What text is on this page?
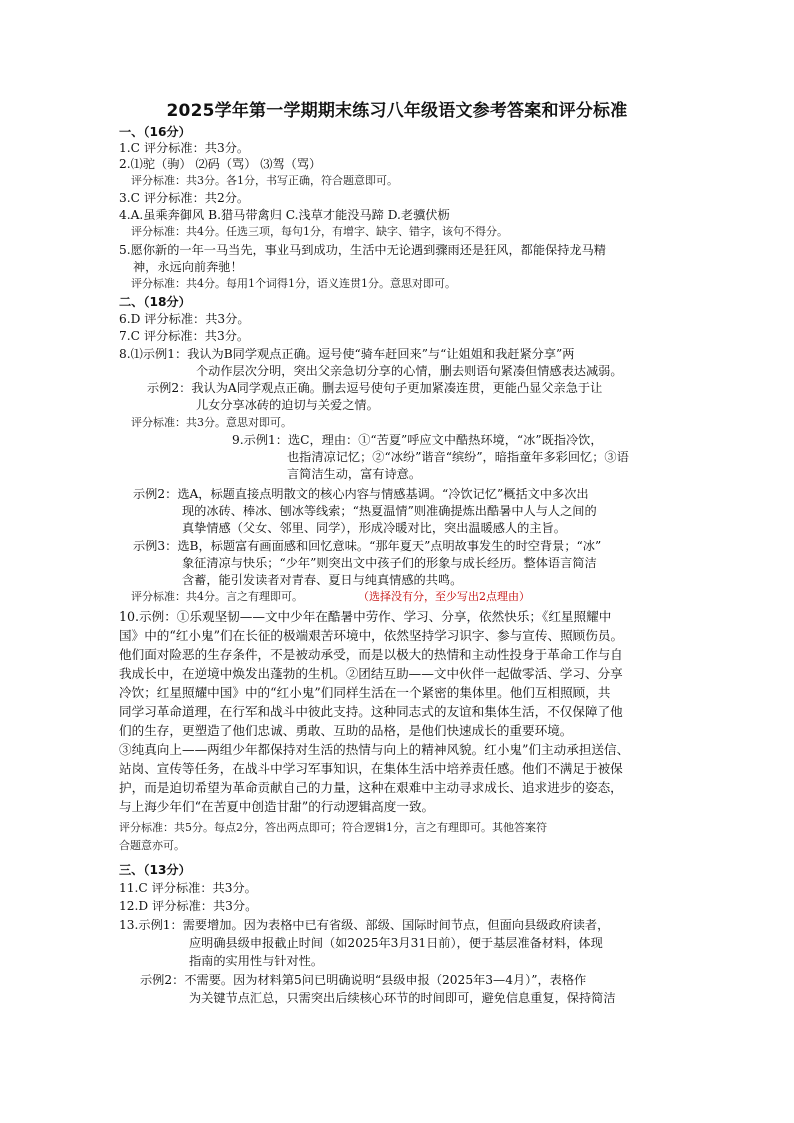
2025学年第一学期期末练习八年级语文参考答案和评分标准
一、（16分）
1.C 评分标准：共3分。
2.⑴驼（驹） ⑵码（骂） ⑶驾（骂）
评分标准：共3分。各1分，书写正确，符合题意即可。
3.C 评分标准：共2分。
4.A.虽乘奔御风 B.猎马带禽归 C.浅草才能没马蹄 D.老骥伏枥
评分标准：共4分。任选三项，每句1分，有增字、缺字、错字，该句不得分。
5.愿你新的一年一马当先，事业马到成功，生活中无论遇到骤雨还是狂风，都能保持龙马精
神，永远向前奔驰！
评分标准：共4分。每用1个词得1分，语义连贯1分。意思对即可。
二、（18分）
6.D 评分标准：共3分。
7.C 评分标准：共3分。
8.⑴示例1：我认为B同学观点正确。逗号使“骑车赶回来”与“让姐姐和我赶紧分享”两
个动作层次分明，突出父亲急切分享的心情，删去则语句紧凑但情感表达减弱。
示例2：我认为A同学观点正确。删去逗号使句子更加紧凑连贯，更能凸显父亲急于让
儿女分享冰砖的迫切与关爱之情。
评分标准：共3分。意思对即可。
9.示例1：选C，理由：①“苦夏”呼应文中酷热环境，“冰”既指冷饮，
也指清凉记忆；②“冰纷”谐音“缤纷”，暗指童年多彩回忆；③语
言简洁生动，富有诗意。
示例2：选A，标题直接点明散文的核心内容与情感基调。“冷饮记忆”概括文中多次出
现的冰砖、棒冰、刨冰等线索；“热夏温情”则准确提炼出酷暑中人与人之间的
真挚情感（父女、邻里、同学），形成冷暖对比，突出温暖感人的主旨。
示例3：选B，标题富有画面感和回忆意味。“那年夏天”点明故事发生的时空背景；“冰”
象征清凉与快乐；“少年”则突出文中孩子们的形象与成长经历。整体语言简洁
含蓄，能引发读者对青春、夏日与纯真情感的共鸣。
评分标准：共4分。言之有理即可。	（选择没有分，至少写出2点理由）
10.示例：①乐观坚韧——文中少年在酷暑中劳作、学习、分享，依然快乐；《红星照耀中
国》中的“红小鬼”们在长征的极端艰苦环境中，依然坚持学习识字、参与宣传、照顾伤员。
他们面对险恶的生存条件，不是被动承受，而是以极大的热情和主动性投身于革命工作与自
我成长中，在逆境中焕发出蓬勃的生机。②团结互助——文中伙伴一起做零活、学习、分享
冷饮；红星照耀中国》中的“红小鬼”们同样生活在一个紧密的集体里。他们互相照顾，共
同学习革命道理，在行军和战斗中彼此支持。这种同志式的友谊和集体生活，不仅保障了他
们的生存，更塑造了他们忠诚、勇敢、互助的品格，是他们快速成长的重要环境。
③纯真向上——两组少年都保持对生活的热情与向上的精神风貌。红小鬼”们主动承担送信、
站岗、宣传等任务，在战斗中学习军事知识，在集体生活中培养责任感。他们不满足于被保
护，而是迫切希望为革命贡献自己的力量，这种在艰难中主动寻求成长、追求进步的姿态，
与上海少年们“在苦夏中创造甘甜”的行动逻辑高度一致。
评分标准：共5分。每点2分，答出两点即可；符合逻辑1分，言之有理即可。其他答案符
合题意亦可。
三、（13分）
11.C 评分标准：共3分。
12.D 评分标准：共3分。
13.示例1：需要增加。因为表格中已有省级、部级、国际时间节点，但面向县级政府读者，
应明确县级申报截止时间（如2025年3月31日前），便于基层准备材料，体现
指南的实用性与针对性。
示例2：不需要。因为材料第5问已明确说明“县级申报（2025年3—4月）”，表格作
为关键节点汇总，只需突出后续核心环节的时间即可，避免信息重复，保持简洁
